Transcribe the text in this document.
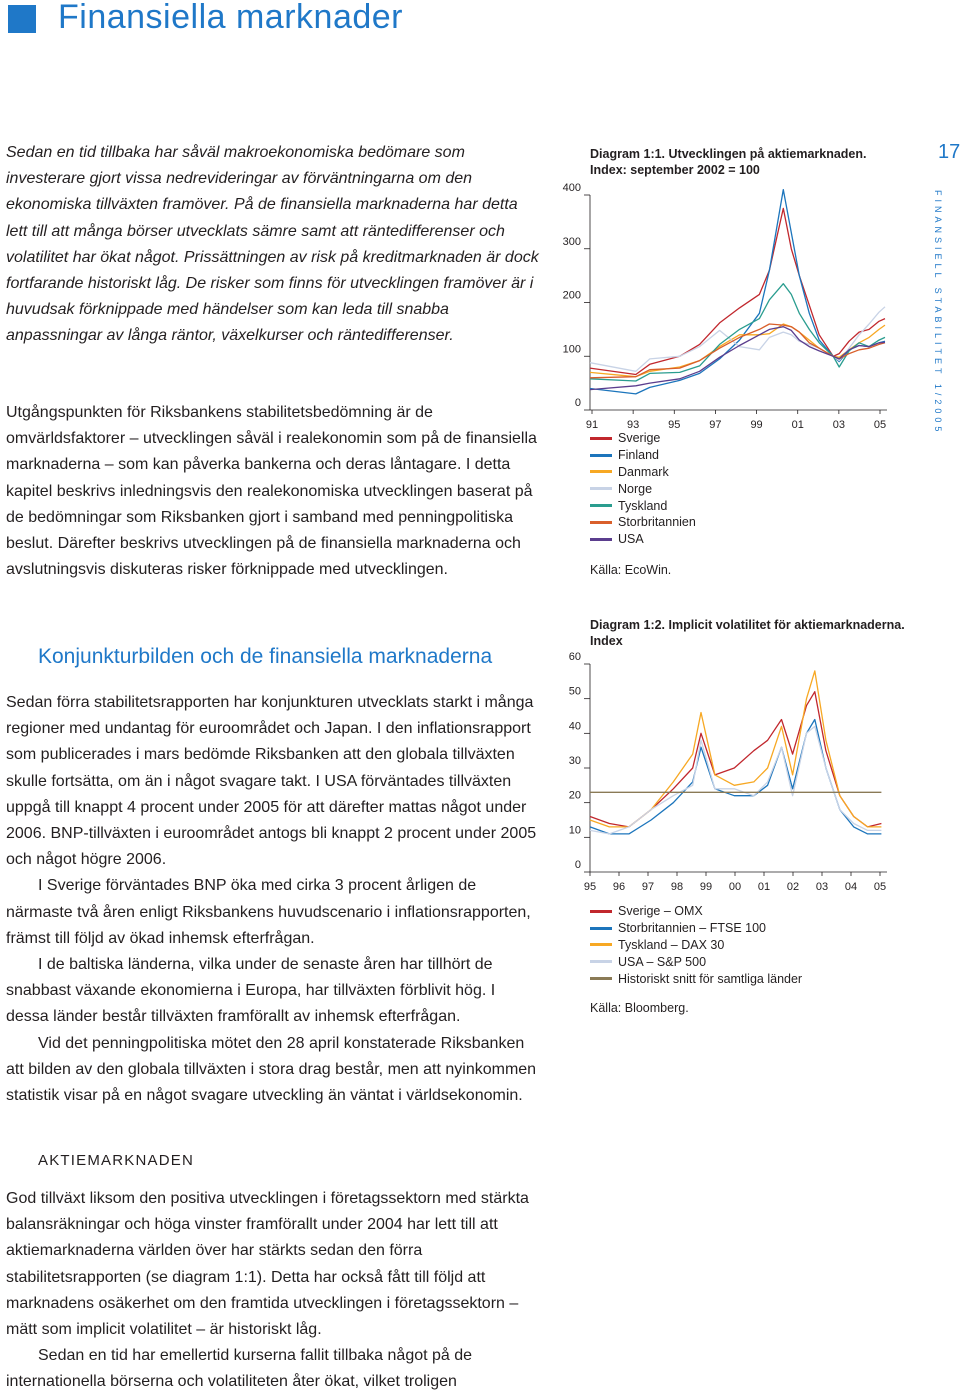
Finansiella marknader
17
FINANSIELL STABILITET 1/2005

Sedan en tid tillbaka har såväl makroekonomiska bedömare som investerare gjort vissa nedrevideringar av förväntningarna om den ekonomiska tillväxten framöver. På de finansiella marknaderna har detta lett till att många börser utvecklats sämre samt att räntedifferenser och volatilitet har ökat något. Prissättningen av risk på kreditmarknaden är dock fortfarande historiskt låg. De risker som finns för utvecklingen framöver är i huvudsak förknippade med händelser som kan leda till snabba anpassningar av långa räntor, växelkurser och räntedifferenser.

Utgångspunkten för Riksbankens stabilitetsbedömning är de omvärldsfaktorer – utvecklingen såväl i realekonomin som på de finansiella marknaderna – som kan påverka bankerna och deras låntagare. I detta kapitel beskrivs inledningsvis den realekonomiska utvecklingen baserat på de bedömningar som Riksbanken gjort i samband med penningpolitiska beslut. Därefter beskrivs utvecklingen på de finansiella marknaderna och avslutningsvis diskuteras risker förknippade med utvecklingen.

Konjunkturbilden och de finansiella marknaderna

Sedan förra stabilitetsrapporten har konjunkturen utvecklats starkt i många regioner med undantag för euroområdet och Japan. I den inflationsrapport som publicerades i mars bedömde Riksbanken att den globala tillväxten skulle fortsätta, om än i något svagare takt. I USA förväntades tillväxten uppgå till knappt 4 procent under 2005 för att därefter mattas något under 2006. BNP-tillväxten i euroområdet antogs bli knappt 2 procent under 2005 och något högre 2006.

I Sverige förväntades BNP öka med cirka 3 procent årligen de närmaste två åren enligt Riksbankens huvudscenario i inflationsrapporten, främst till följd av ökad inhemsk efterfrågan.

I de baltiska länderna, vilka under de senaste åren har tillhört de snabbast växande ekonomierna i Europa, har tillväxten förblivit hög. I dessa länder består tillväxten framförallt av inhemsk efterfrågan.

Vid det penningpolitiska mötet den 28 april konstaterade Riksbanken att bilden av den globala tillväxten i stora drag består, men att nyinkommen statistik visar på en något svagare utveckling än väntat i världsekonomin.

AKTIEMARKNADEN

God tillväxt liksom den positiva utvecklingen i företagssektorn med stärkta balansräkningar och höga vinster framförallt under 2004 har lett till att aktiemarknaderna världen över har stärkts sedan den förra stabilitetsrapporten (se diagram 1:1). Detta har också fått till följd att marknadens osäkerhet om den framtida utvecklingen i företagssektorn – mätt som implicit volatilitet – är historiskt låg.

Sedan en tid har emellertid kurserna fallit tillbaka något på de internationella börserna och volatiliteten åter ökat, vilket troligen

Diagram 1:1. Utvecklingen på aktiemarknaden. Index: september 2002 = 100
400
300
200
100
0
91	93	95	97	99	01	03	05
Sverige
Finland
Danmark
Norge
Tyskland
Storbritannien
USA
Källa: EcoWin.
Diagram 1:2. Implicit volatilitet för aktiemarknaderna. Index
60
50
40
30
20
10
0
95 96 97 98 99 00 01 02 03 04 05
Sverige – OMX
Storbritannien – FTSE 100
Tyskland – DAX 30
USA – S&P 500
Historiskt snitt för samtliga länder
Källa: Bloomberg.
